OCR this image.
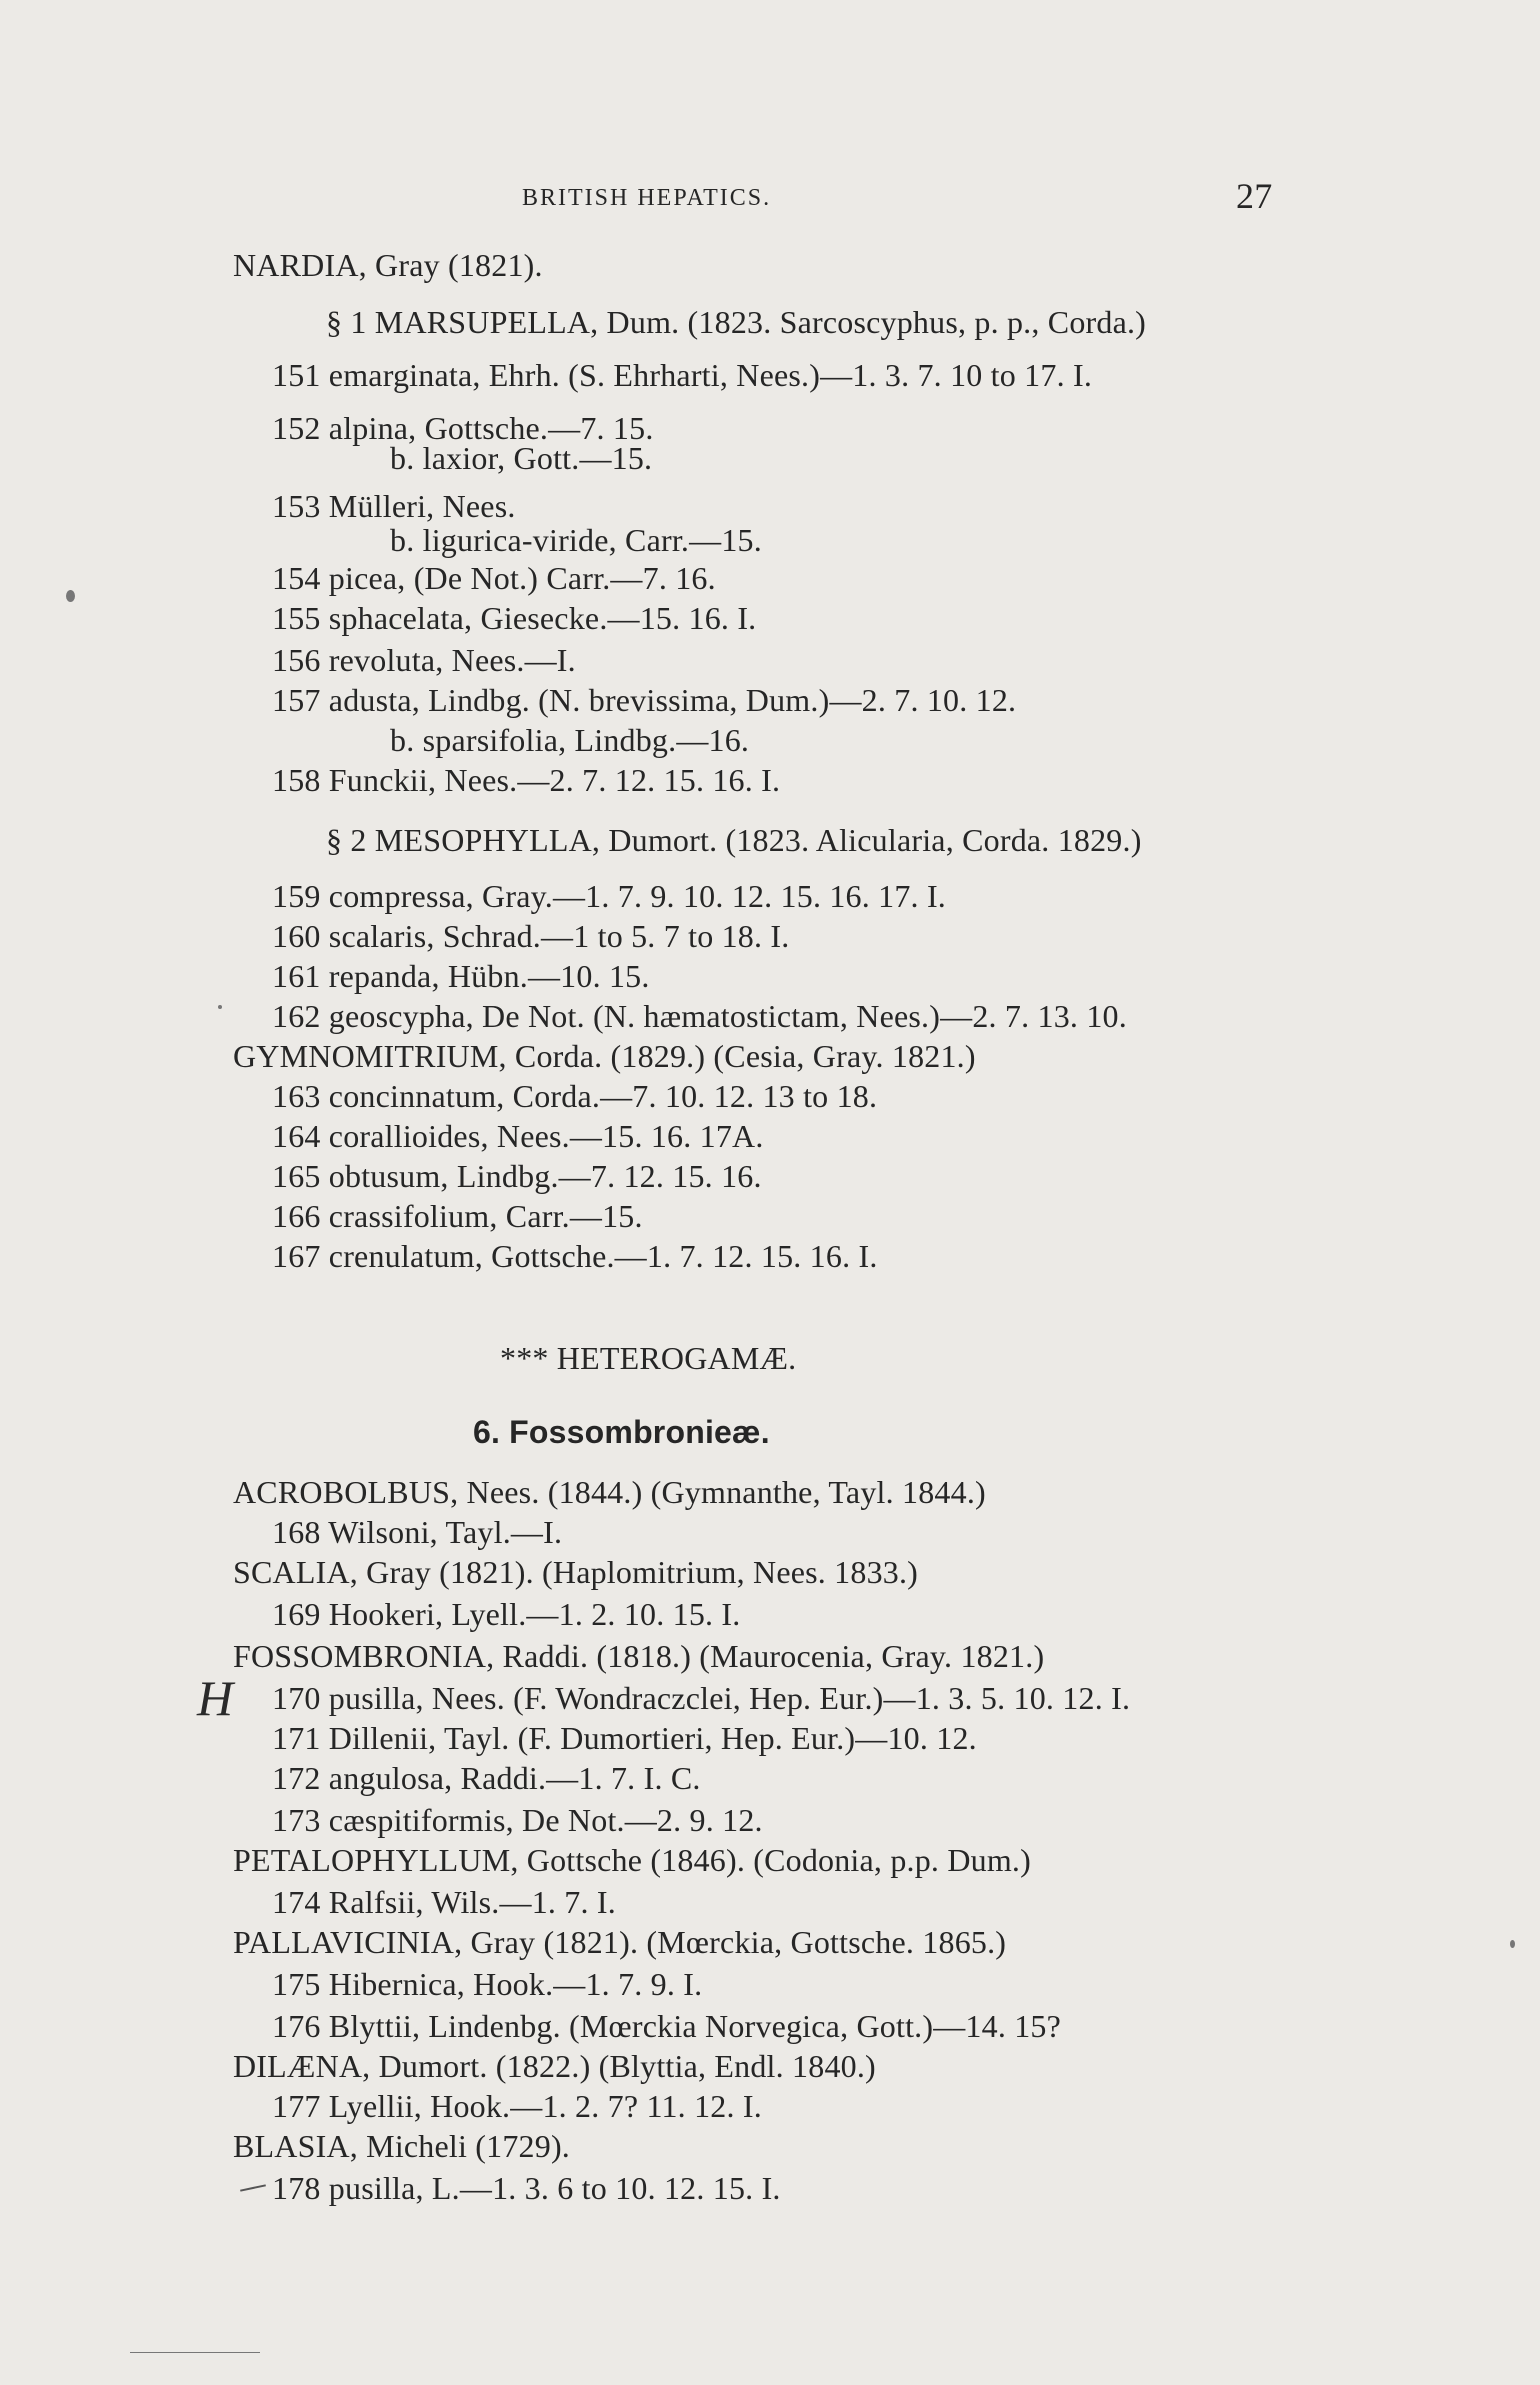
BRITISH HEPATICS.	27
NARDIA, Gray (1821).
§ 1 MARSUPELLA, Dum. (1823. Sarcoscyphus, p. p., Corda.)
151 emarginata, Ehrh. (S. Ehrharti, Nees.)—1. 3. 7. 10 to 17. I.
152 alpina, Gottsche.—7. 15.
b. laxior, Gott.—15.
153 Mülleri, Nees.
b. ligurica-viride, Carr.—15.
154 picea, (De Not.) Carr.—7. 16.
155 sphacelata, Giesecke.—15. 16. I.
156 revoluta, Nees.—I.
157 adusta, Lindbg. (N. brevissima, Dum.)—2. 7. 10. 12.
b. sparsifolia, Lindbg.—16.
158 Funckii, Nees.—2. 7. 12. 15. 16. I.
§ 2 MESOPHYLLA, Dumort. (1823. Alicularia, Corda. 1829.)
159 compressa, Gray.—1. 7. 9. 10. 12. 15. 16. 17. I.
160 scalaris, Schrad.—1 to 5. 7 to 18. I.
161 repanda, Hübn.—10. 15.
162 geoscypha, De Not. (N. hæmatostictam, Nees.)—2. 7. 13. 10.
GYMNOMITRIUM, Corda. (1829.) (Cesia, Gray. 1821.)
163 concinnatum, Corda.—7. 10. 12. 13 to 18.
164 corallioides, Nees.—15. 16. 17A.
165 obtusum, Lindbg.—7. 12. 15. 16.
166 crassifolium, Carr.—15.
167 crenulatum, Gottsche.—1. 7. 12. 15. 16. I.
*** HETEROGAMÆ.
6. Fossombronieæ.
ACROBOLBUS, Nees. (1844.) (Gymnanthe, Tayl. 1844.)
168 Wilsoni, Tayl.—I.
SCALIA, Gray (1821). (Haplomitrium, Nees. 1833.)
169 Hookeri, Lyell.—1. 2. 10. 15. I.
FOSSOMBRONIA, Raddi. (1818.) (Maurocenia, Gray. 1821.)
170 pusilla, Nees. (F. Wondraczclei, Hep. Eur.)—1. 3. 5. 10. 12. I.
171 Dillenii, Tayl. (F. Dumortieri, Hep. Eur.)—10. 12.
172 angulosa, Raddi.—1. 7. I. C.
173 cæspitiformis, De Not.—2. 9. 12.
PETALOPHYLLUM, Gottsche (1846). (Codonia, p.p. Dum.)
174 Ralfsii, Wils.—1. 7. I.
PALLAVICINIA, Gray (1821). (Mœrckia, Gottsche. 1865.)
175 Hibernica, Hook.—1. 7. 9. I.
176 Blyttii, Lindenbg. (Mœrckia Norvegica, Gott.)—14. 15?
DILÆNA, Dumort. (1822.) (Blyttia, Endl. 1840.)
177 Lyellii, Hook.—1. 2. 7? 11. 12. I.
BLASIA, Micheli (1729).
178 pusilla, L.—1. 3. 6 to 10. 12. 15. I.
H
